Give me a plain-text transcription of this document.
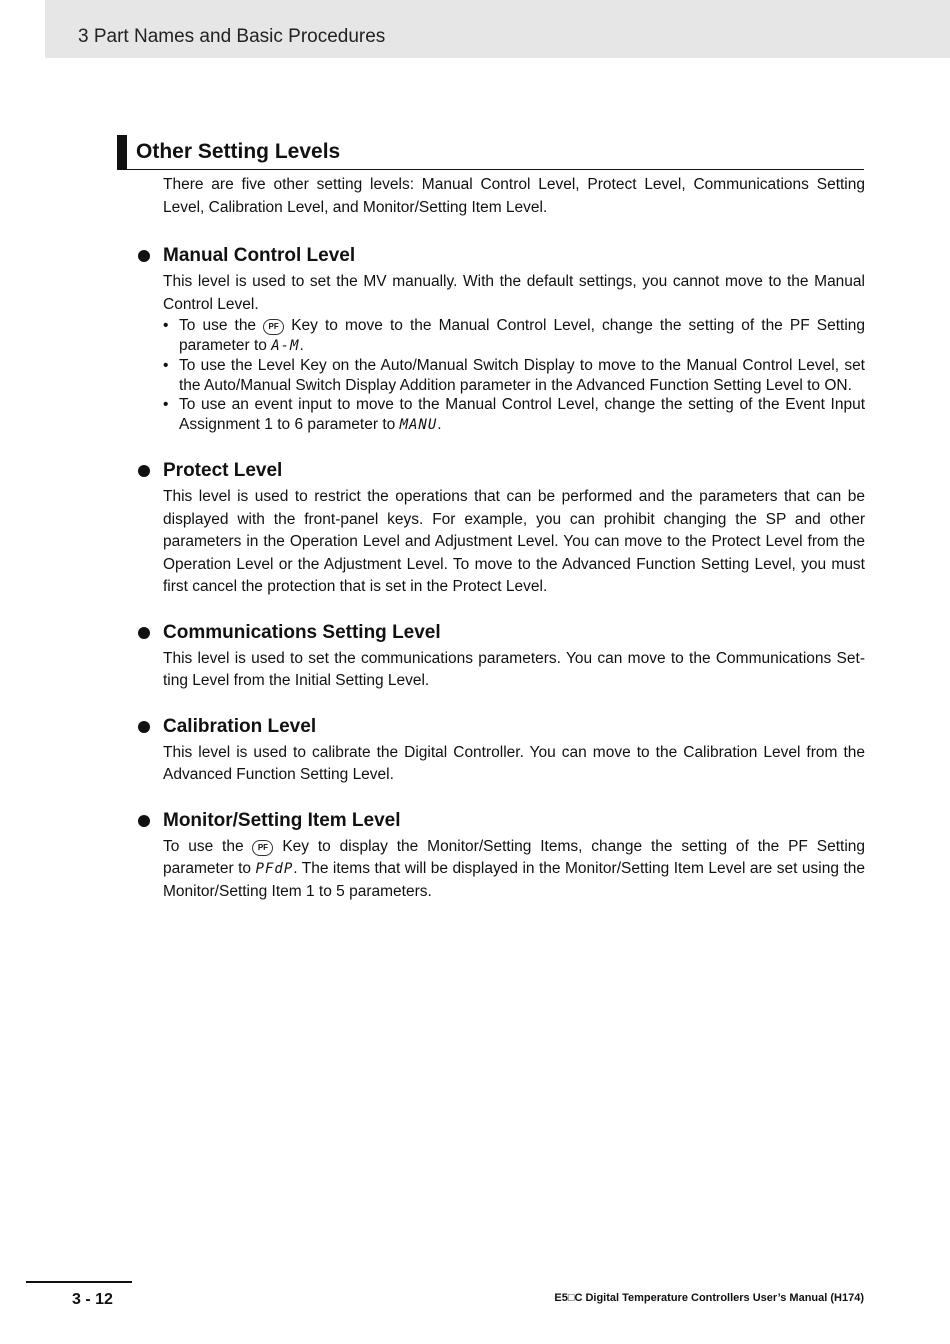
3 Part Names and Basic Procedures
Other Setting Levels

There are five other setting levels: Manual Control Level, Protect Level, Communications Setting Level, Calibration Level, and Monitor/Setting Item Level.

Manual Control Level

This level is used to set the MV manually. With the default settings, you cannot move to the Manual Control Level.

• To use the PF Key to move to the Manual Control Level, change the setting of the PF Setting parameter to A-M.
• To use the Level Key on the Auto/Manual Switch Display to move to the Manual Control Level, set the Auto/Manual Switch Display Addition parameter in the Advanced Function Setting Level to ON.
• To use an event input to move to the Manual Control Level, change the setting of the Event Input Assignment 1 to 6 parameter to MANU.
Protect Level

This level is used to restrict the operations that can be performed and the parameters that can be displayed with the front-panel keys. For example, you can prohibit changing the SP and other parameters in the Operation Level and Adjustment Level. You can move to the Protect Level from the Operation Level or the Adjustment Level. To move to the Advanced Function Setting Level, you must first cancel the protection that is set in the Protect Level.

Communications Setting Level

This level is used to set the communications parameters. You can move to the Communications Set-ting Level from the Initial Setting Level.

Calibration Level

This level is used to calibrate the Digital Controller. You can move to the Calibration Level from the Advanced Function Setting Level.

Monitor/Setting Item Level

To use the PF Key to display the Monitor/Setting Items, change the setting of the PF Setting parameter to PFdP. The items that will be displayed in the Monitor/Setting Item Level are set using the Monitor/Setting Item 1 to 5 parameters.

3 - 12	E5□C Digital Temperature Controllers User’s Manual (H174)
